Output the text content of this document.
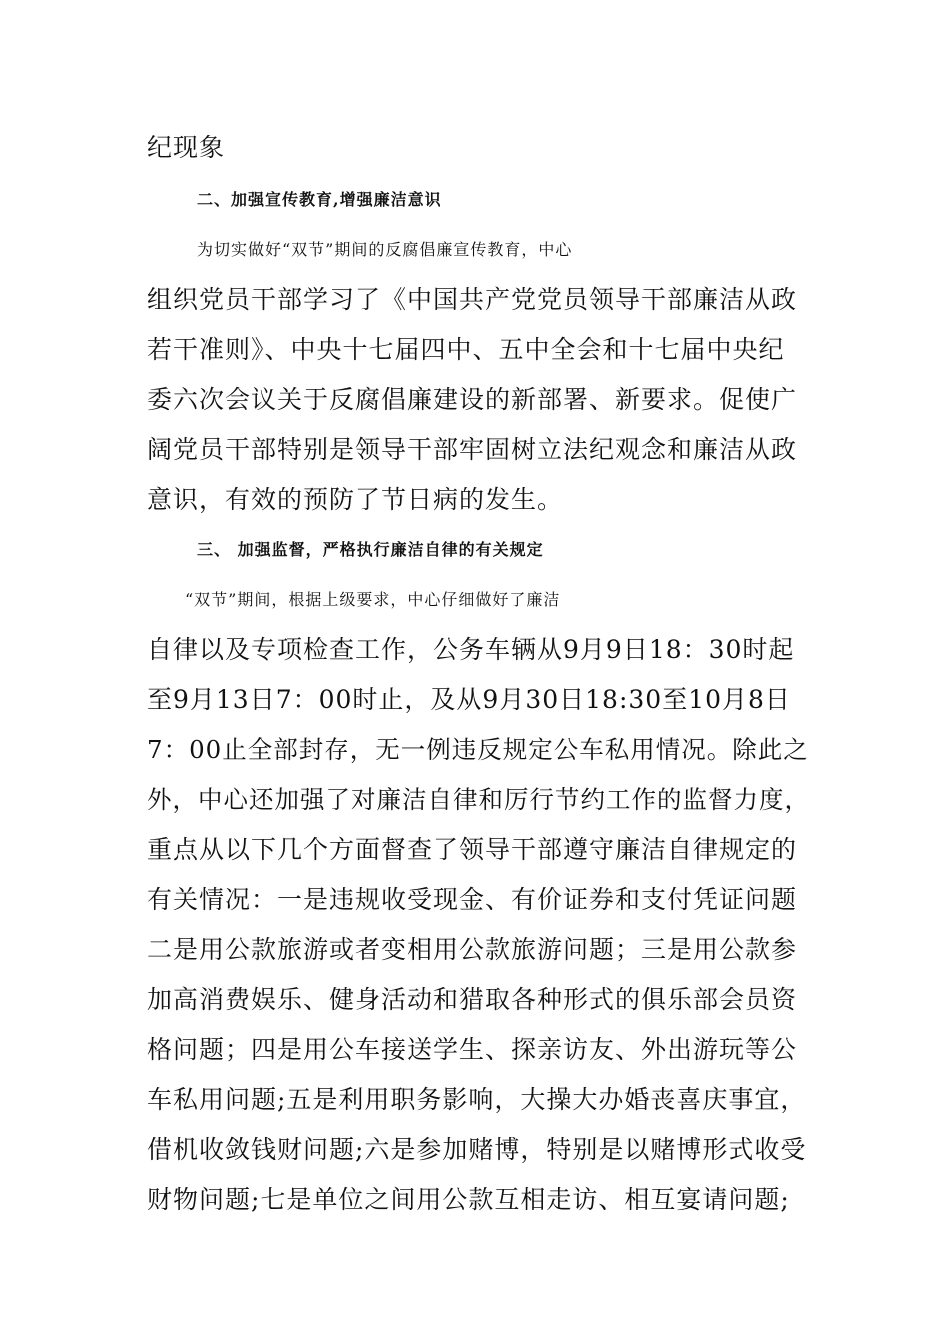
纪现象
二、加强宣传教育,增强廉洁意识
为切实做好“双节”期间的反腐倡廉宣传教育，中心
组织党员干部学习了《中国共产党党员领导干部廉洁从政
若干准则》、中央十七届四中、五中全会和十七届中央纪
委六次会议关于反腐倡廉建设的新部署、新要求。促使广
阔党员干部特别是领导干部牢固树立法纪观念和廉洁从政
意识，有效的预防了节日病的发生。
三、 加强监督，严格执行廉洁自律的有关规定
“双节”期间，根据上级要求，中心仔细做好了廉洁
自律以及专项检查工作，公务车辆从9月9日18：30时起
至9月13日7：00时止，及从9月30日18:30至10月8日
7：00止全部封存，无一例违反规定公车私用情况。除此之
外，中心还加强了对廉洁自律和厉行节约工作的监督力度，
重点从以下几个方面督查了领导干部遵守廉洁自律规定的
有关情况：一是违规收受现金、有价证券和支付凭证问题
二是用公款旅游或者变相用公款旅游问题；三是用公款参
加高消费娱乐、健身活动和猎取各种形式的俱乐部会员资
格问题；四是用公车接送学生、探亲访友、外出游玩等公
车私用问题;五是利用职务影响，大操大办婚丧喜庆事宜，
借机收敛钱财问题;六是参加赌博，特别是以赌博形式收受
财物问题;七是单位之间用公款互相走访、相互宴请问题;
